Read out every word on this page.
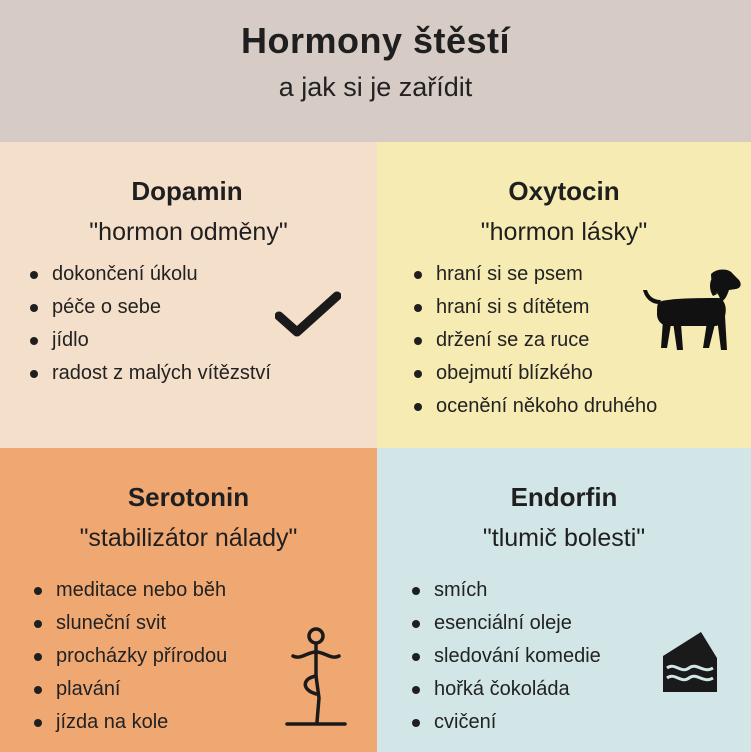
Hormony štěstí
a jak si je zařídit
Dopamin
"hormon odměny"
dokončení úkolu
péče o sebe
jídlo
radost z malých vítězství
Oxytocin
"hormon lásky"
hraní si se psem
hraní si s dítětem
držení se za ruce
obejmutí blízkého
ocenění někoho druhého
Serotonin
"stabilizátor nálady"
meditace nebo běh
sluneční svit
procházky přírodou
plavání
jízda na kole
Endorfin
"tlumič bolesti"
smích
esenciální oleje
sledování komedie
hořká čokoláda
cvičení
